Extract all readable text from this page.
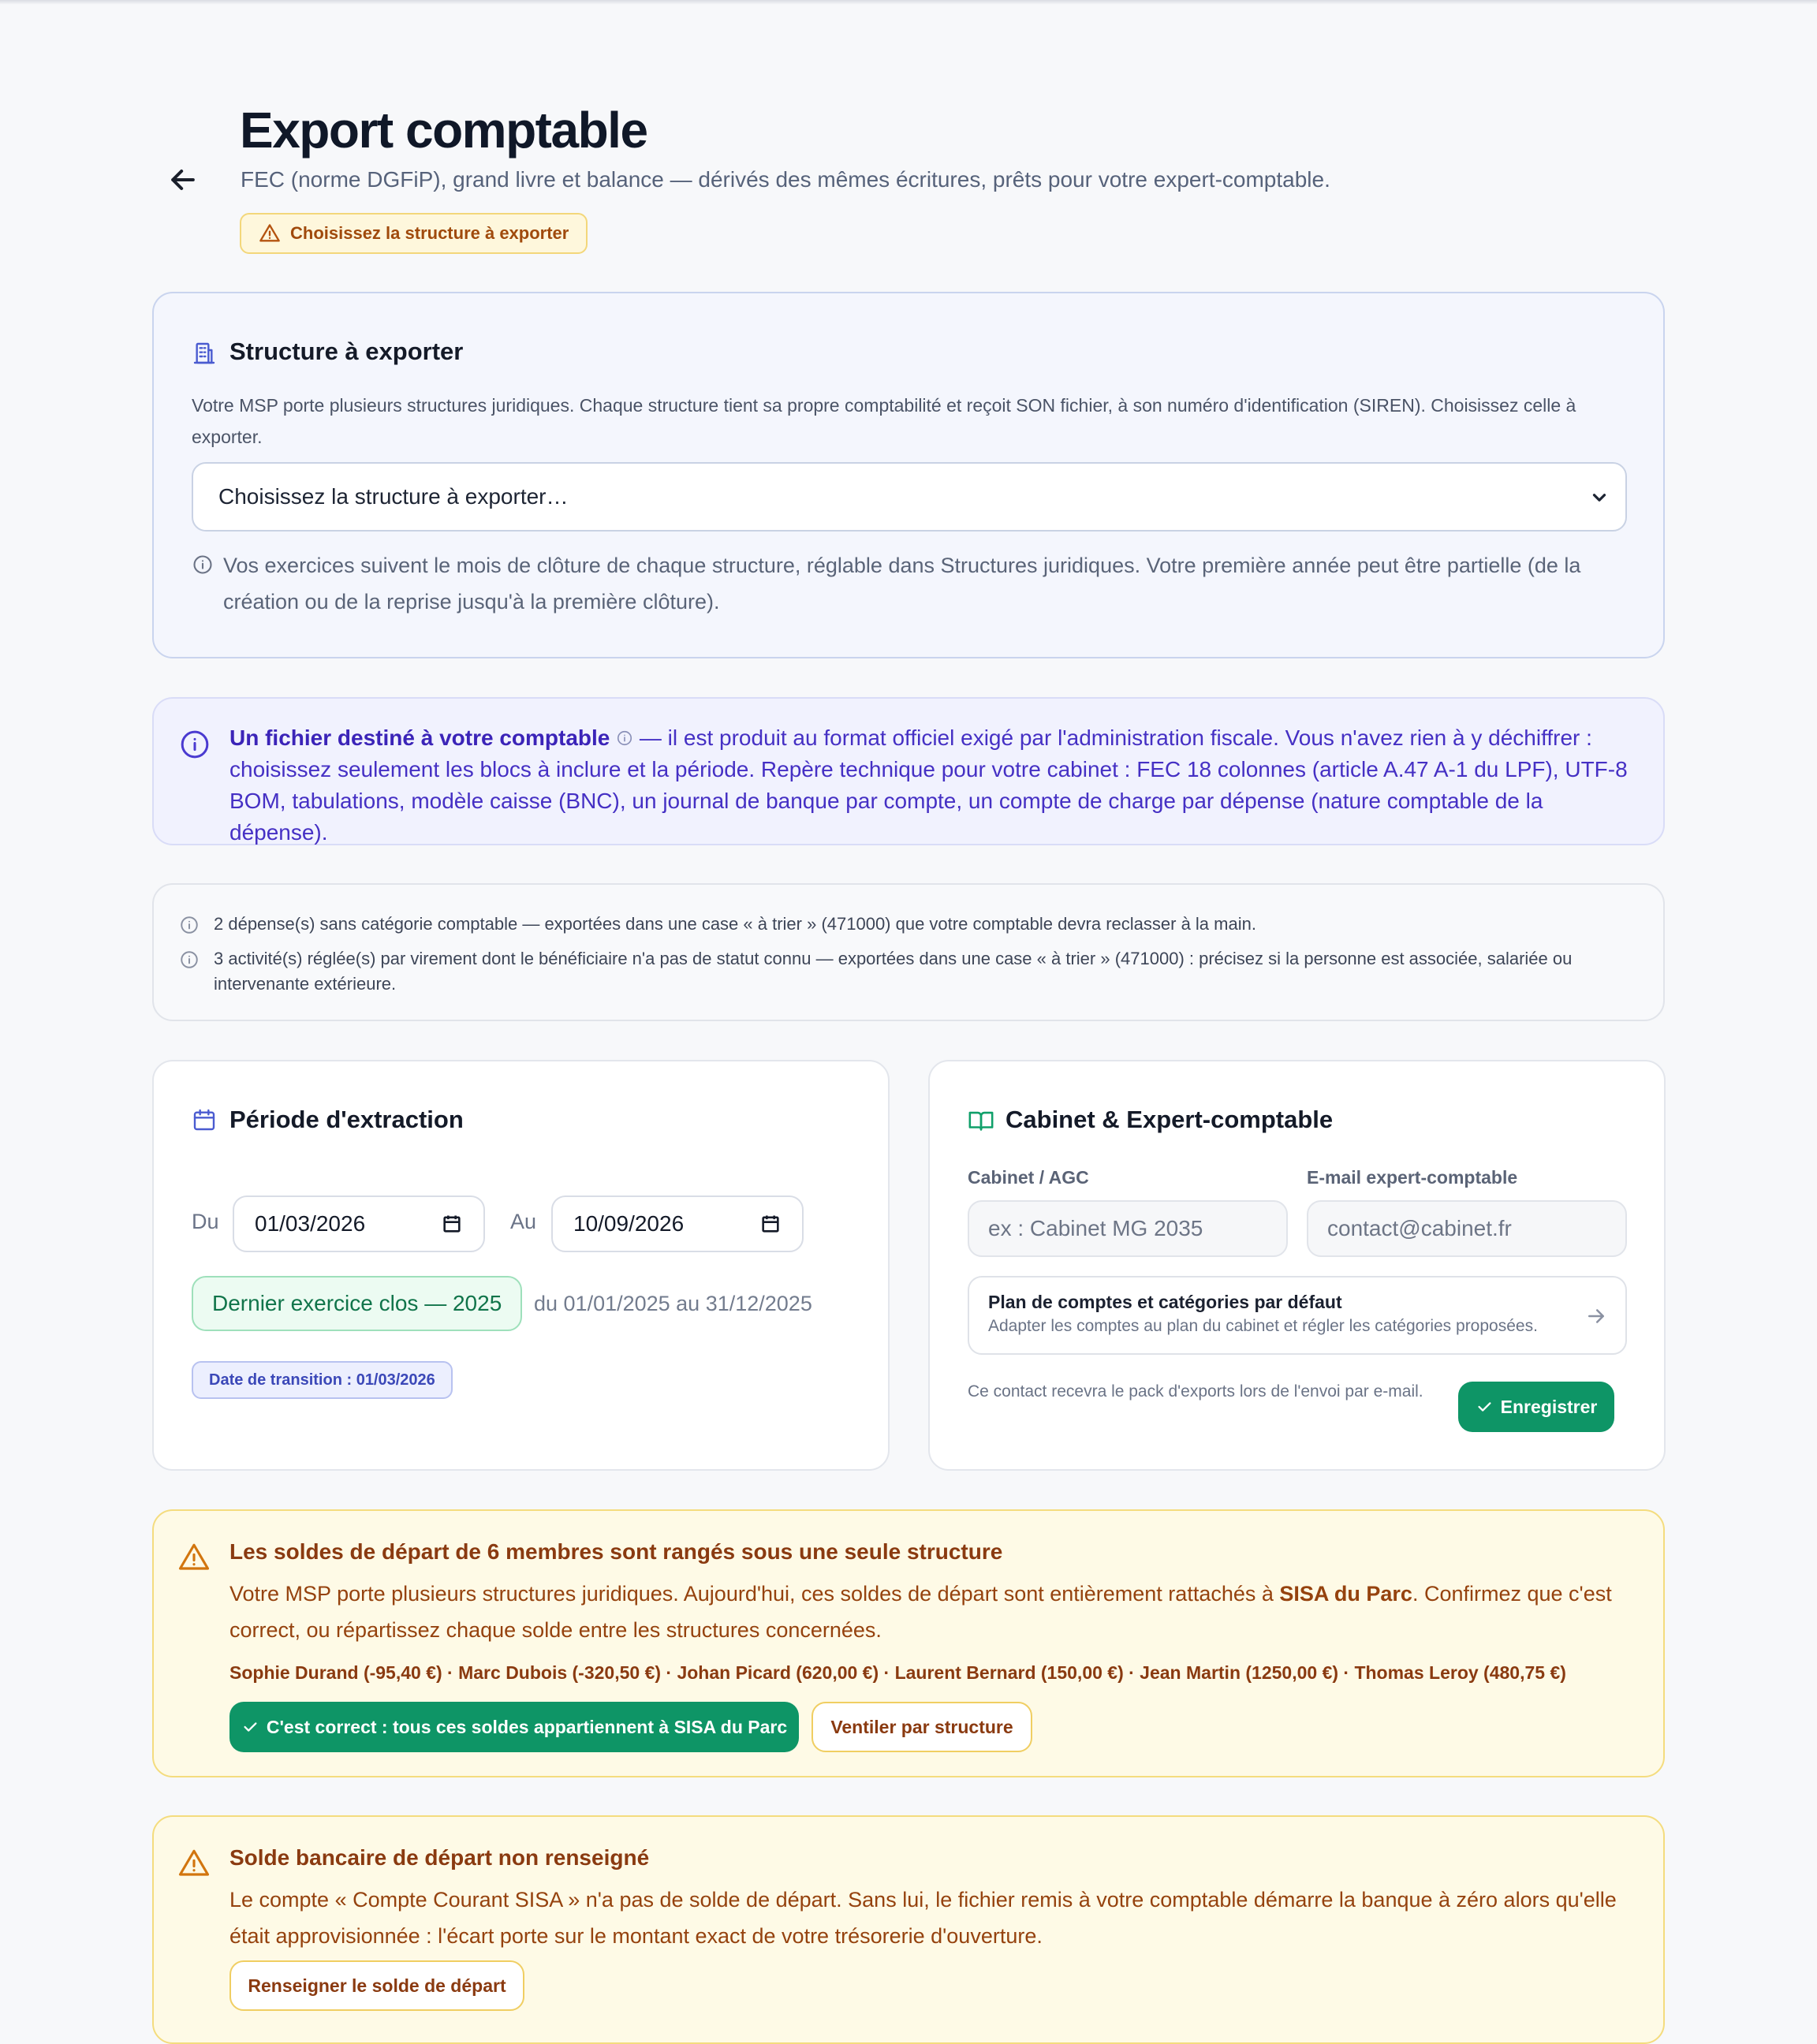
Export comptable
FEC (norme DGFiP), grand livre et balance — dérivés des mêmes écritures, prêts pour votre expert-comptable.
Choisissez la structure à exporter
Structure à exporter
Votre MSP porte plusieurs structures juridiques. Chaque structure tient sa propre comptabilité et reçoit SON fichier, à son numéro d'identification (SIREN). Choisissez celle à exporter.
Choisissez la structure à exporter…
Vos exercices suivent le mois de clôture de chaque structure, réglable dans Structures juridiques. Votre première année peut être partielle (de la création ou de la reprise jusqu'à la première clôture).
Un fichier destiné à votre comptable  — il est produit au format officiel exigé par l'administration fiscale. Vous n'avez rien à y déchiffrer : choisissez seulement les blocs à inclure et la période. Repère technique pour votre cabinet : FEC 18 colonnes (article A.47 A-1 du LPF), UTF-8 BOM, tabulations, modèle caisse (BNC), un journal de banque par compte, un compte de charge par dépense (nature comptable de la dépense).
2 dépense(s) sans catégorie comptable — exportées dans une case « à trier » (471000) que votre comptable devra reclasser à la main.
3 activité(s) réglée(s) par virement dont le bénéficiaire n'a pas de statut connu — exportées dans une case « à trier » (471000) : précisez si la personne est associée, salariée ou intervenante extérieure.
Période d'extraction
Du 01/03/2026	Au 10/09/2026
Dernier exercice clos — 2025	du 01/01/2025 au 31/12/2025
Date de transition : 01/03/2026
Cabinet & Expert-comptable
Cabinet / AGC
ex : Cabinet MG 2035
E-mail expert-comptable
contact@cabinet.fr
Plan de comptes et catégories par défaut
Adapter les comptes au plan du cabinet et régler les catégories proposées.
Ce contact recevra le pack d'exports lors de l'envoi par e-mail.
Enregistrer
Les soldes de départ de 6 membres sont rangés sous une seule structure
Votre MSP porte plusieurs structures juridiques. Aujourd'hui, ces soldes de départ sont entièrement rattachés à SISA du Parc. Confirmez que c'est correct, ou répartissez chaque solde entre les structures concernées.
Sophie Durand (-95,40 €) · Marc Dubois (-320,50 €) · Johan Picard (620,00 €) · Laurent Bernard (150,00 €) · Jean Martin (1250,00 €) · Thomas Leroy (480,75 €)
C'est correct : tous ces soldes appartiennent à SISA du Parc	Ventiler par structure
Solde bancaire de départ non renseigné
Le compte « Compte Courant SISA » n'a pas de solde de départ. Sans lui, le fichier remis à votre comptable démarre la banque à zéro alors qu'elle était approvisionnée : l'écart porte sur le montant exact de votre trésorerie d'ouverture.
Renseigner le solde de départ
